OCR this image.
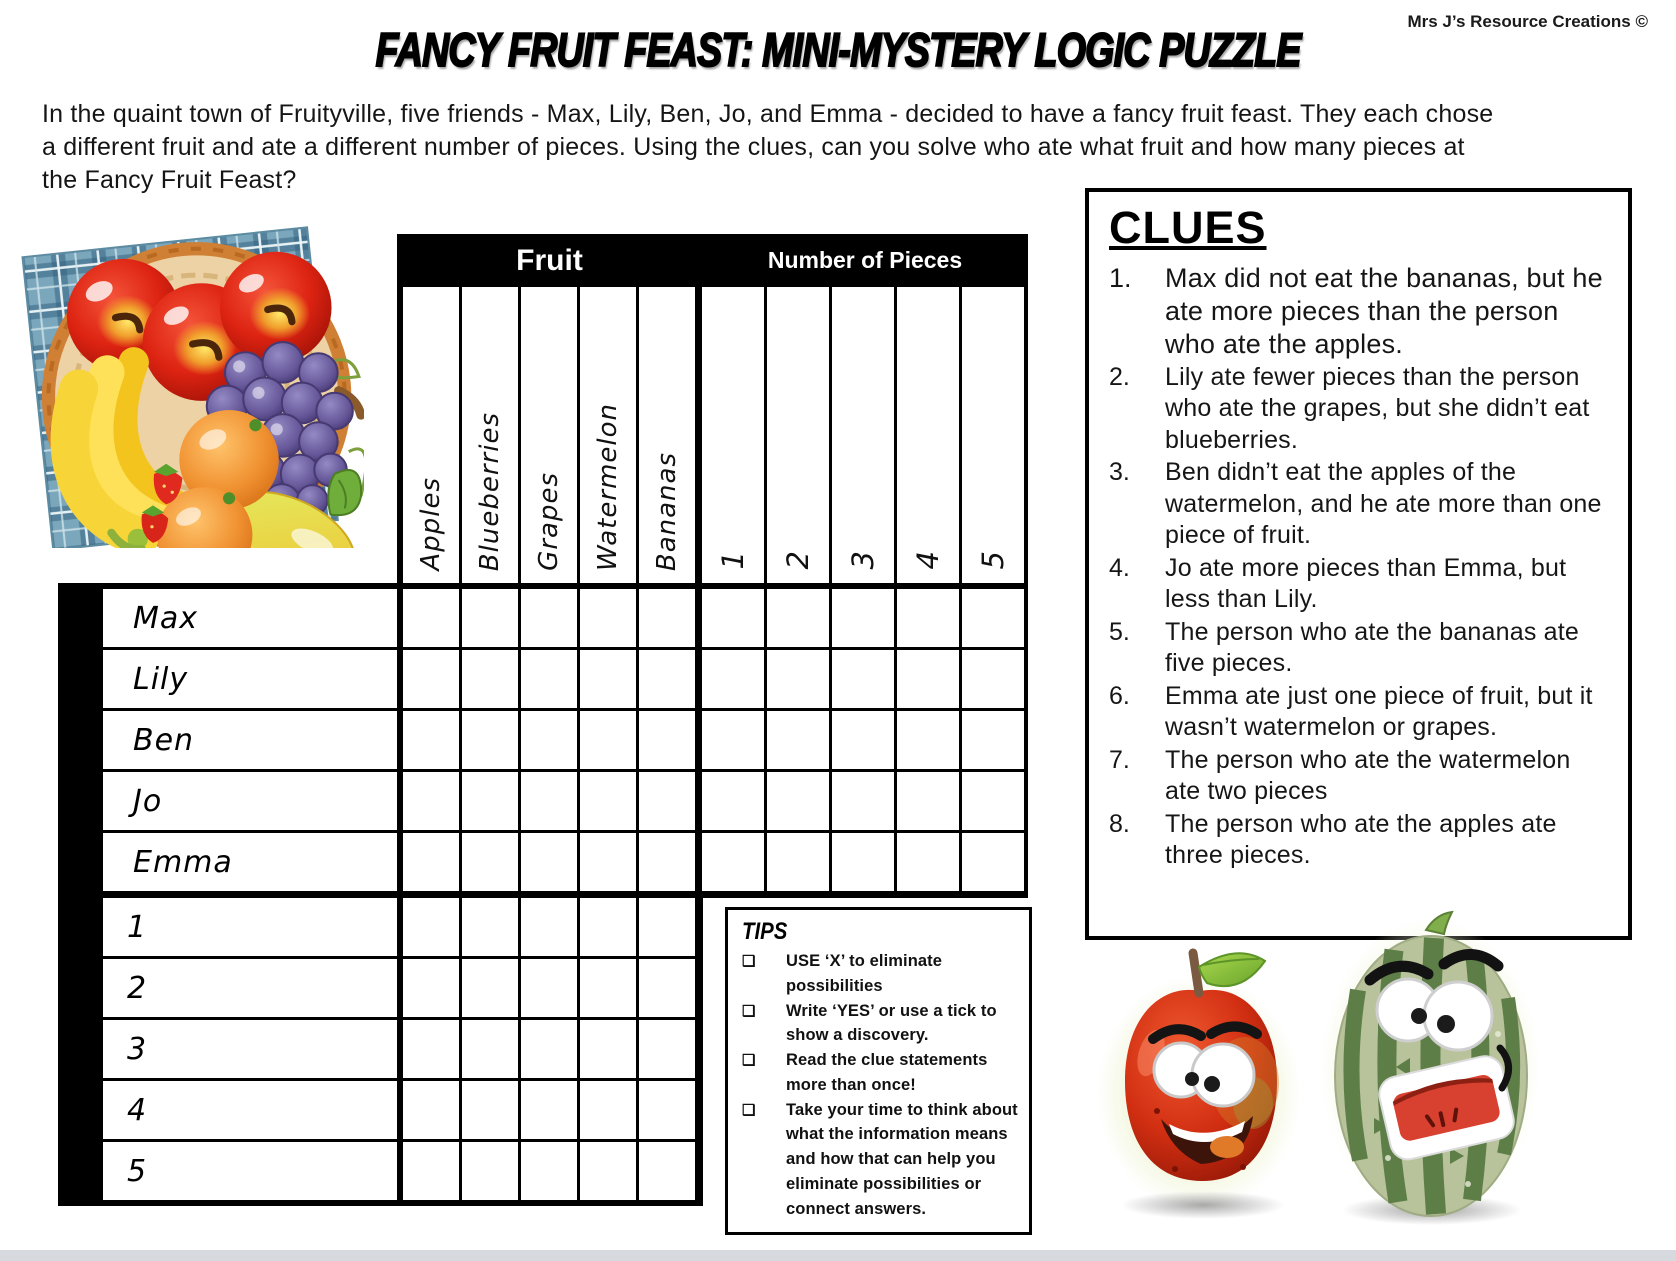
Mrs J’s Resource Creations ©
FANCY FRUIT FEAST: MINI-MYSTERY LOGIC PUZZLE
In the quaint town of Fruityville, five friends - Max, Lily, Ben, Jo, and Emma - decided to have a fancy fruit feast. They each chose a different fruit and ate a different number of pieces. Using the clues, can you solve who ate what fruit and how many pieces at the Fancy Fruit Feast?
Fruit	Number of Pieces
Apples Blueberries Grapes Watermelon Bananas 1 2 3 4 5
Max
Lily
Ben
Jo
Emma
1
2
3
4
5
CLUES
1.	Max did not eat the bananas, but he ate more pieces than the person who ate the apples.
2.	Lily ate fewer pieces than the person who ate the grapes, but she didn’t eat blueberries.
3.	Ben didn’t eat the apples of the watermelon, and he ate more than one piece of fruit.
4.	Jo ate more pieces than Emma, but less than Lily.
5.	The person who ate the bananas ate five pieces.
6.	Emma ate just one piece of fruit, but it wasn’t watermelon or grapes.
7.	The person who ate the watermelon ate two pieces
8.	The person who ate the apples ate three pieces.
TIPS
❑	USE ‘X’ to eliminate possibilities
❑	Write ‘YES’ or use a tick to show a discovery.
❑	Read the clue statements more than once!
❑	Take your time to think about what the information means and how that can help you eliminate possibilities or connect answers.
